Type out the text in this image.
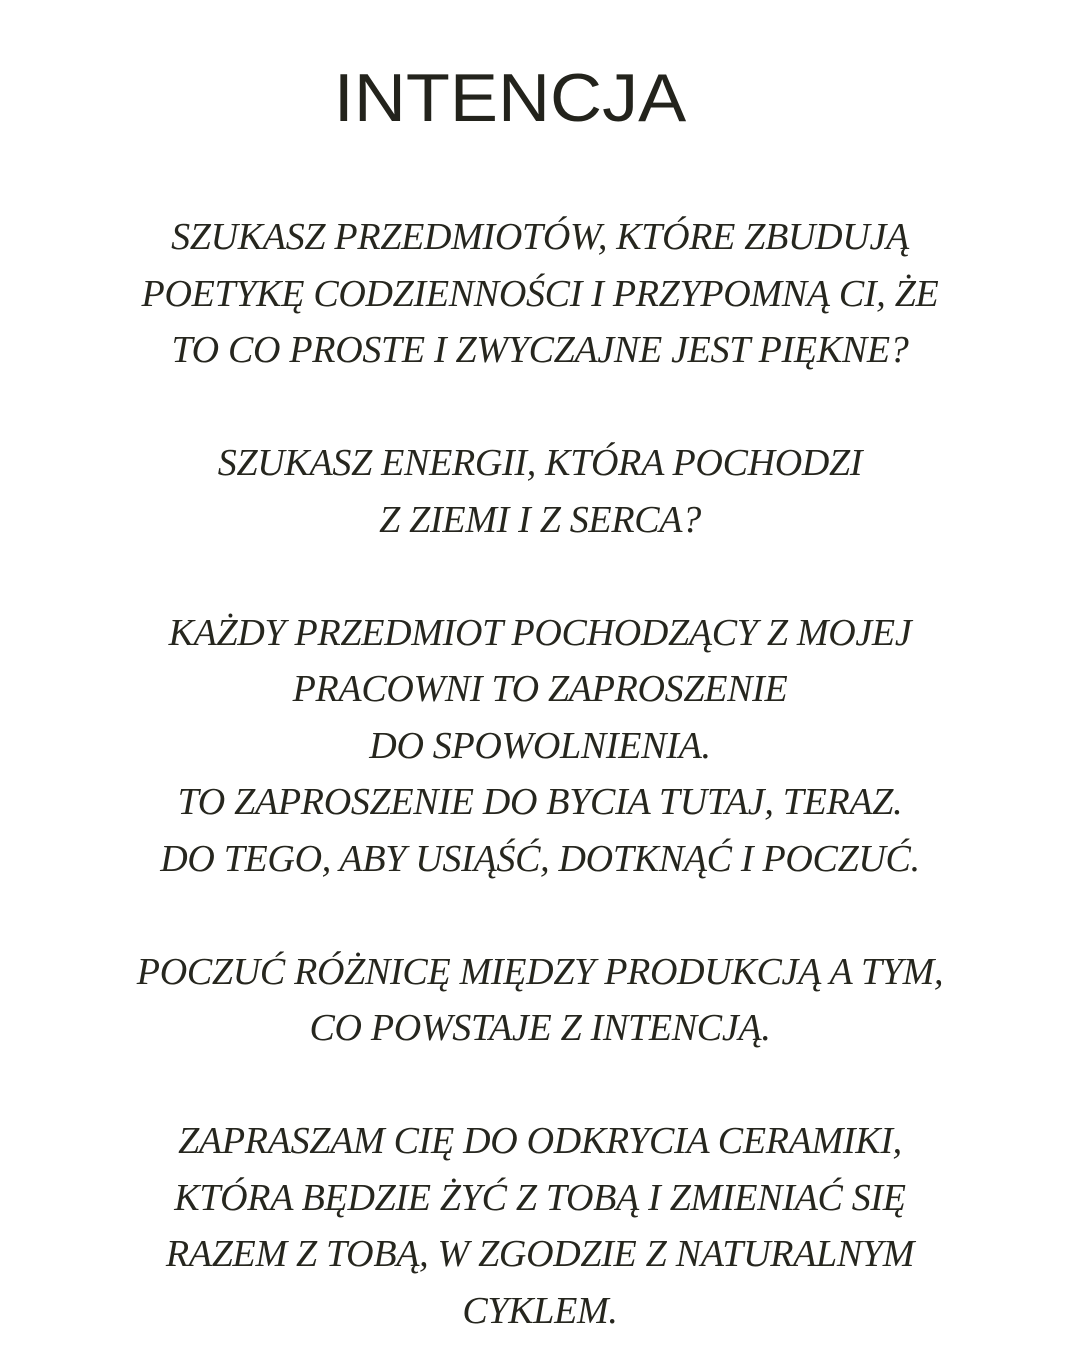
INTENCJA

SZUKASZ PRZEDMIOTÓW, KTÓRE ZBUDUJĄ
POETYKĘ CODZIENNOŚCI I PRZYPOMNĄ CI, ŻE
TO CO PROSTE I ZWYCZAJNE JEST PIĘKNE?

SZUKASZ ENERGII, KTÓRA POCHODZI
Z ZIEMI I Z SERCA?

KAŻDY PRZEDMIOT POCHODZĄCY Z MOJEJ
PRACOWNI TO ZAPROSZENIE
DO SPOWOLNIENIA.
TO ZAPROSZENIE DO BYCIA TUTAJ, TERAZ.
DO TEGO, ABY USIĄŚĆ, DOTKNĄĆ I POCZUĆ.

POCZUĆ RÓŻNICĘ MIĘDZY PRODUKCJĄ A TYM,
CO POWSTAJE Z INTENCJĄ.

ZAPRASZAM CIĘ DO ODKRYCIA CERAMIKI,
KTÓRA BĘDZIE ŻYĆ Z TOBĄ I ZMIENIAĆ SIĘ
RAZEM Z TOBĄ, W ZGODZIE Z NATURALNYM
CYKLEM.
